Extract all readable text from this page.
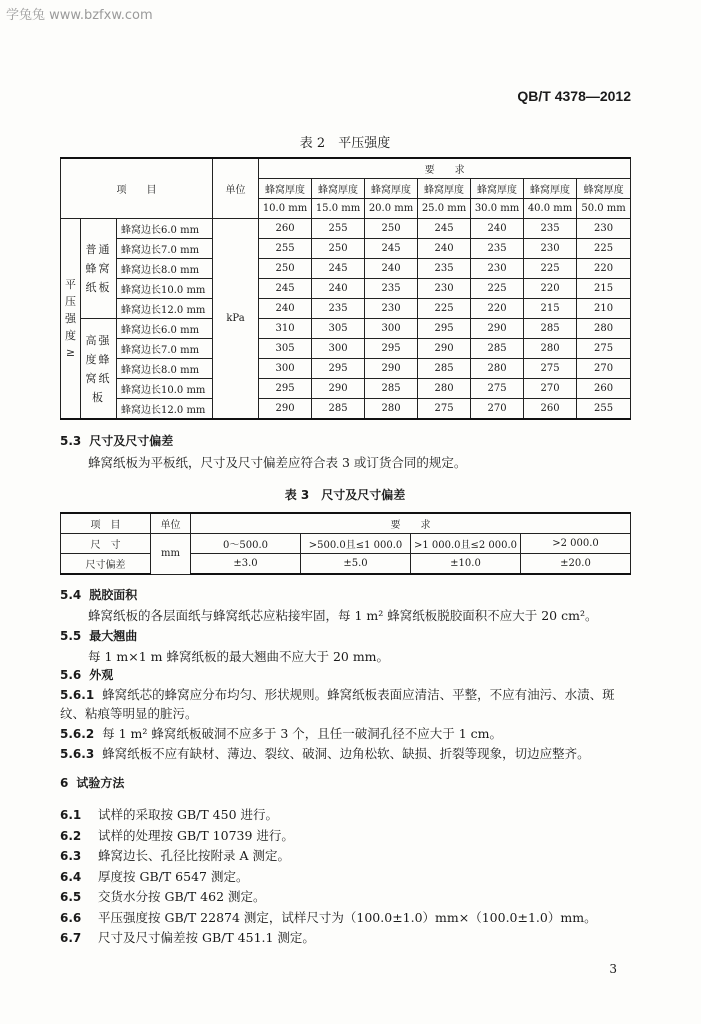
学兔兔 www.bzfxw.com
QB/T 4378—2012
表 2　平压强度
项　　目			单位	要　　求						
				蜂窝厚度	蜂窝厚度	蜂窝厚度	蜂窝厚度	蜂窝厚度	蜂窝厚度	蜂窝厚度
				10.0 mm	15.0 mm	20.0 mm	25.0 mm	30.0 mm	40.0 mm	50.0 mm
平压强度≥	普通蜂窝纸板	蜂窝边长6.0 mm	kPa	260	255	250	245	240	235	230
		蜂窝边长7.0 mm		255	250	245	240	235	230	225
		蜂窝边长8.0 mm		250	245	240	235	230	225	220
		蜂窝边长10.0 mm		245	240	235	230	225	220	215
		蜂窝边长12.0 mm		240	235	230	225	220	215	210
	高强度蜂窝纸板	蜂窝边长6.0 mm		310	305	300	295	290	285	280
		蜂窝边长7.0 mm		305	300	295	290	285	280	275
		蜂窝边长8.0 mm		300	295	290	285	280	275	270
		蜂窝边长10.0 mm		295	290	285	280	275	270	260
		蜂窝边长12.0 mm		290	285	280	275	270	260	255
5.3 尺寸及尺寸偏差
蜂窝纸板为平板纸，尺寸及尺寸偏差应符合表 3 或订货合同的规定。
表 3　尺寸及尺寸偏差
项　目	单位	要　　求			
尺　寸	mm	0～500.0	>500.0且≤1 000.0	>1 000.0且≤2 000.0	>2 000.0
尺寸偏差		±3.0	±5.0	±10.0	±20.0
5.4 脱胶面积
蜂窝纸板的各层面纸与蜂窝纸芯应粘接牢固，每 1 m² 蜂窝纸板脱胶面积不应大于 20 cm²。
5.5 最大翘曲
每 1 m×1 m 蜂窝纸板的最大翘曲不应大于 20 mm。
5.6 外观
5.6.1 蜂窝纸芯的蜂窝应分布均匀、形状规则。蜂窝纸板表面应清洁、平整，不应有油污、水渍、斑
纹、粘痕等明显的脏污。
5.6.2 每 1 m² 蜂窝纸板破洞不应多于 3 个，且任一破洞孔径不应大于 1 cm。
5.6.3 蜂窝纸板不应有缺材、薄边、裂纹、破洞、边角松软、缺损、折裂等现象，切边应整齐。
6 试验方法
6.1 试样的采取按 GB/T 450 进行。
6.2 试样的处理按 GB/T 10739 进行。
6.3 蜂窝边长、孔径比按附录 A 测定。
6.4 厚度按 GB/T 6547 测定。
6.5 交货水分按 GB/T 462 测定。
6.6 平压强度按 GB/T 22874 测定，试样尺寸为（100.0±1.0）mm×（100.0±1.0）mm。
6.7 尺寸及尺寸偏差按 GB/T 451.1 测定。
3
